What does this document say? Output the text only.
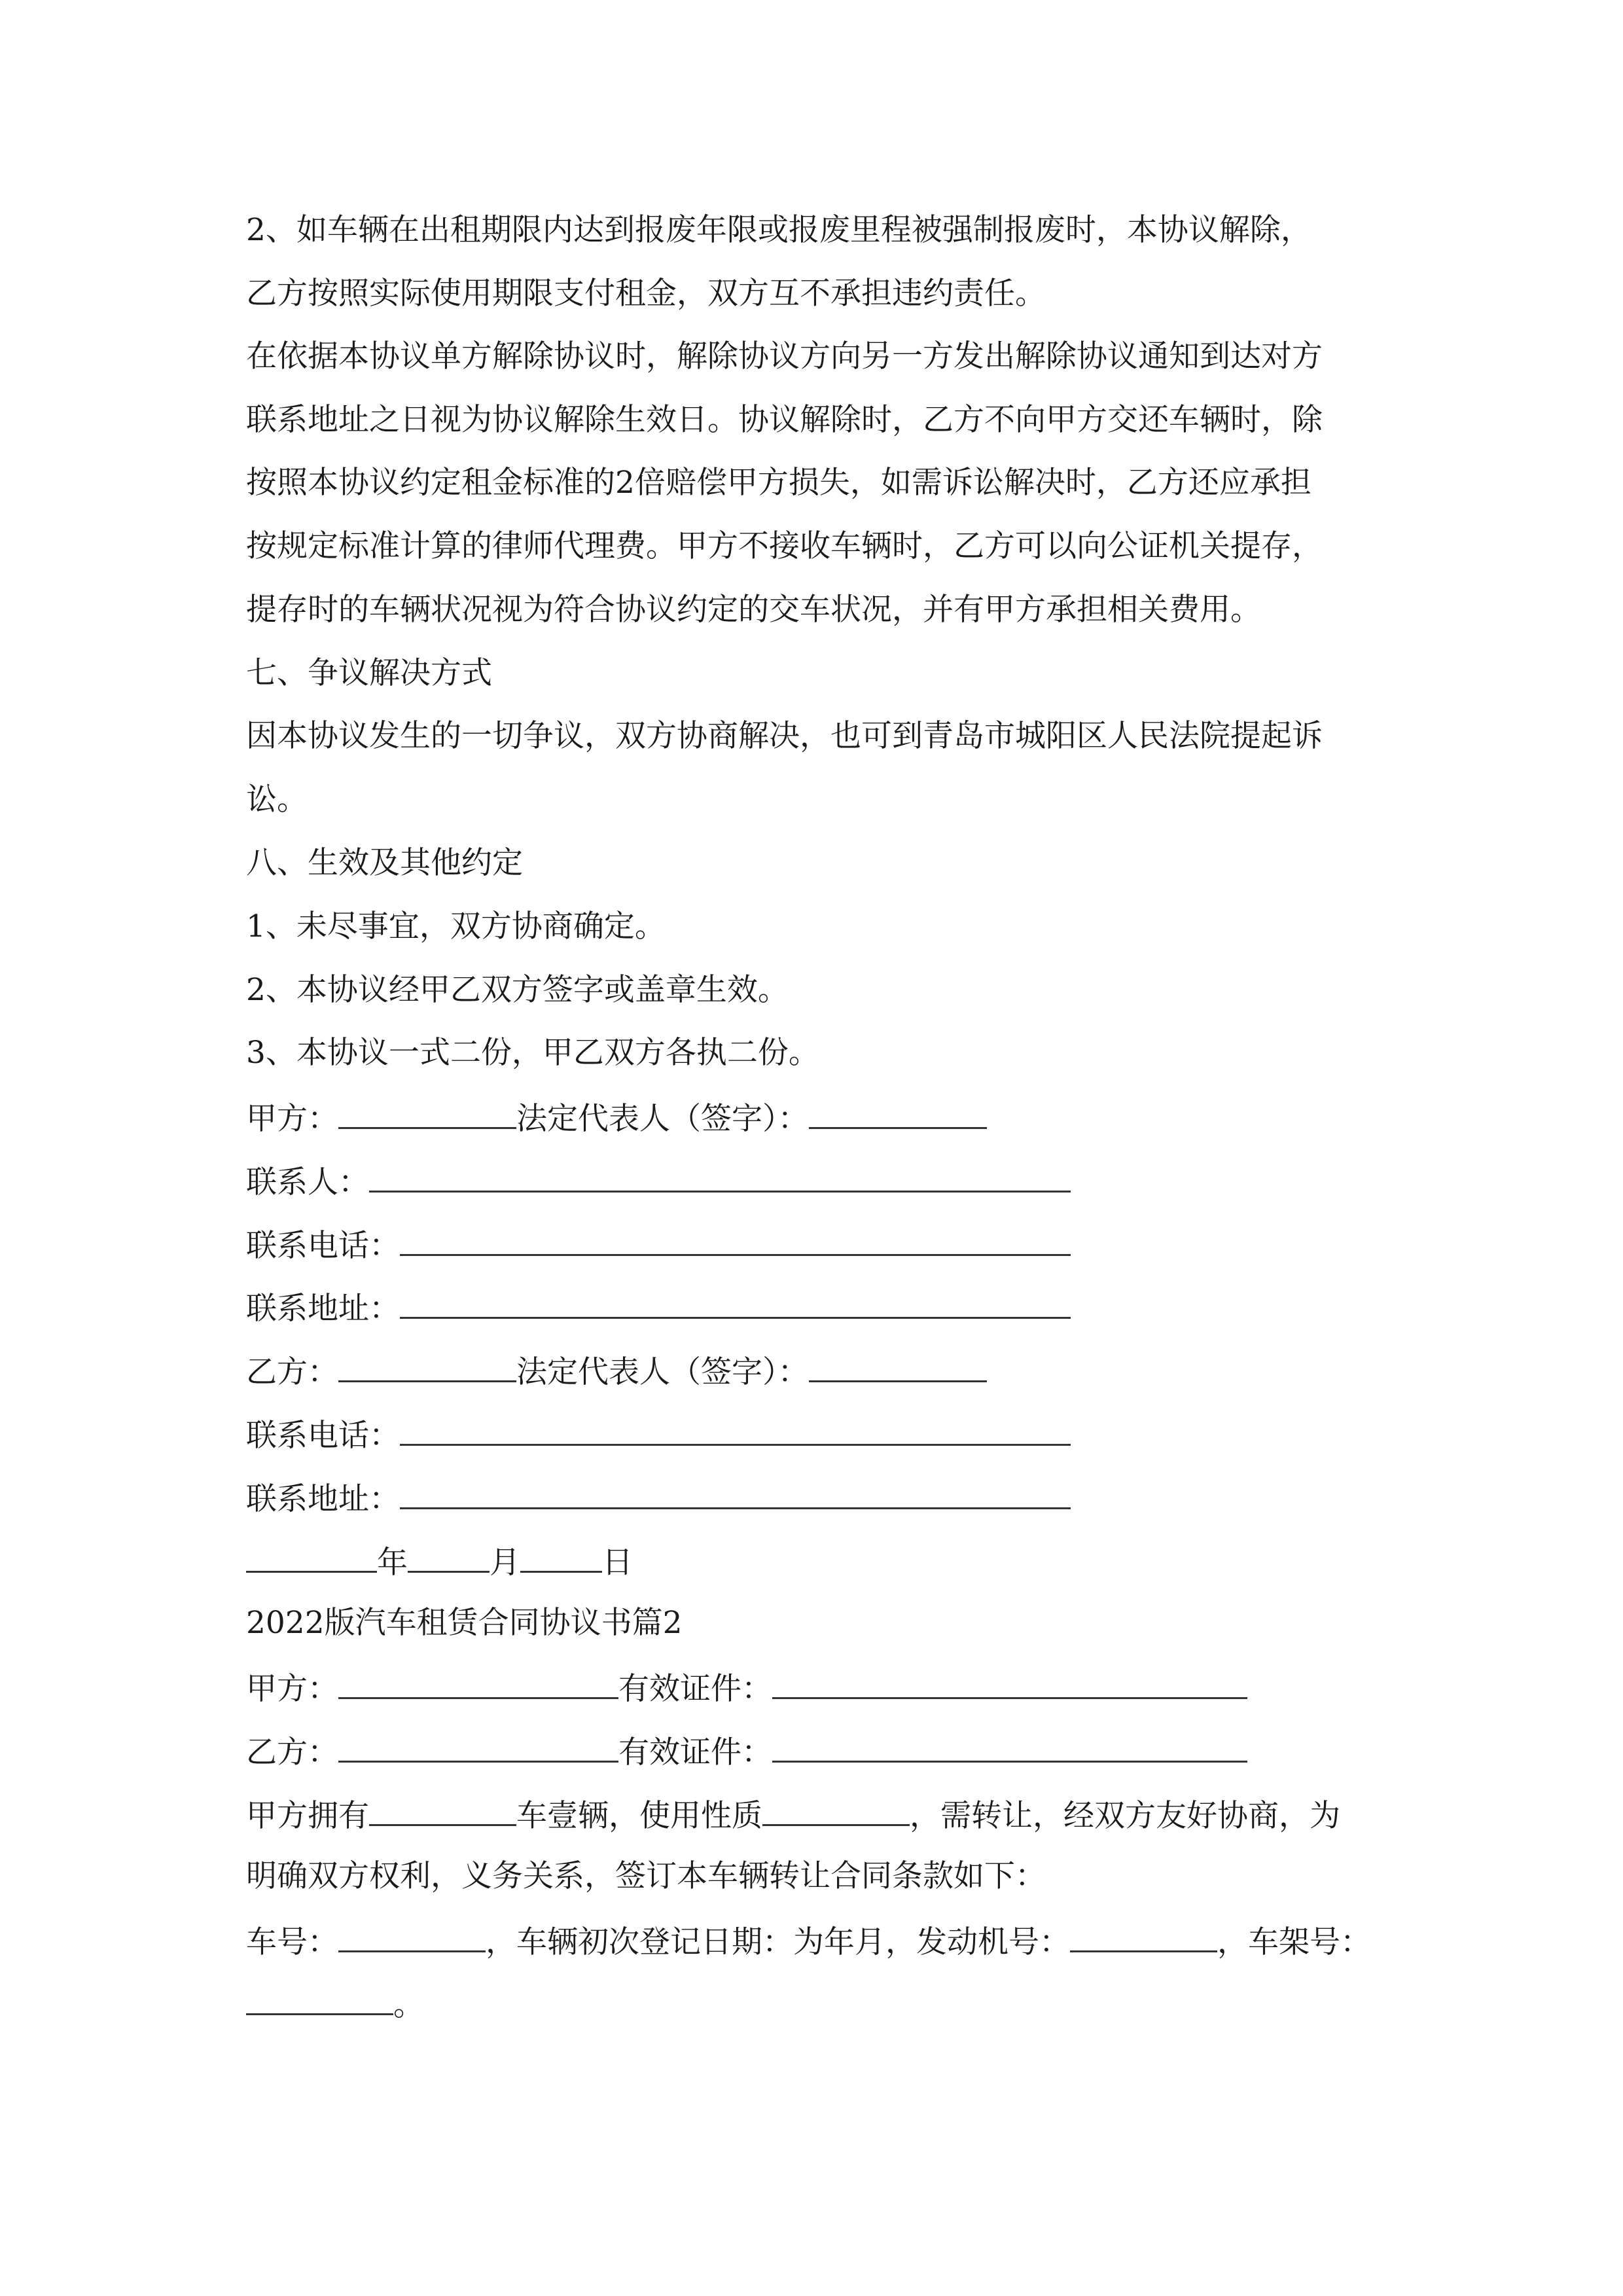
2、如车辆在出租期限内达到报废年限或报废里程被强制报废时，本协议解除，
乙方按照实际使用期限支付租金，双方互不承担违约责任。
在依据本协议单方解除协议时，解除协议方向另一方发出解除协议通知到达对方
联系地址之日视为协议解除生效日。协议解除时，乙方不向甲方交还车辆时，除
按照本协议约定租金标准的2倍赔偿甲方损失，如需诉讼解决时，乙方还应承担
按规定标准计算的律师代理费。甲方不接收车辆时，乙方可以向公证机关提存，
提存时的车辆状况视为符合协议约定的交车状况，并有甲方承担相关费用。
七、争议解决方式
因本协议发生的一切争议，双方协商解决，也可到青岛市城阳区人民法院提起诉
讼。
八、生效及其他约定
1、未尽事宜，双方协商确定。
2、本协议经甲乙双方签字或盖章生效。
3、本协议一式二份，甲乙双方各执二份。
甲方：	法定代表人（签字）：
联系人：
联系电话：
联系地址：
乙方：	法定代表人（签字）：
联系电话：
联系地址：
年	月	日
2022版汽车租赁合同协议书篇2
甲方：	有效证件：
乙方：	有效证件：
甲方拥有	车壹辆，使用性质	，需转让，经双方友好协商，为
明确双方权利，义务关系，签订本车辆转让合同条款如下：
车号：	，车辆初次登记日期：为年月，发动机号：	，车架号：
。
